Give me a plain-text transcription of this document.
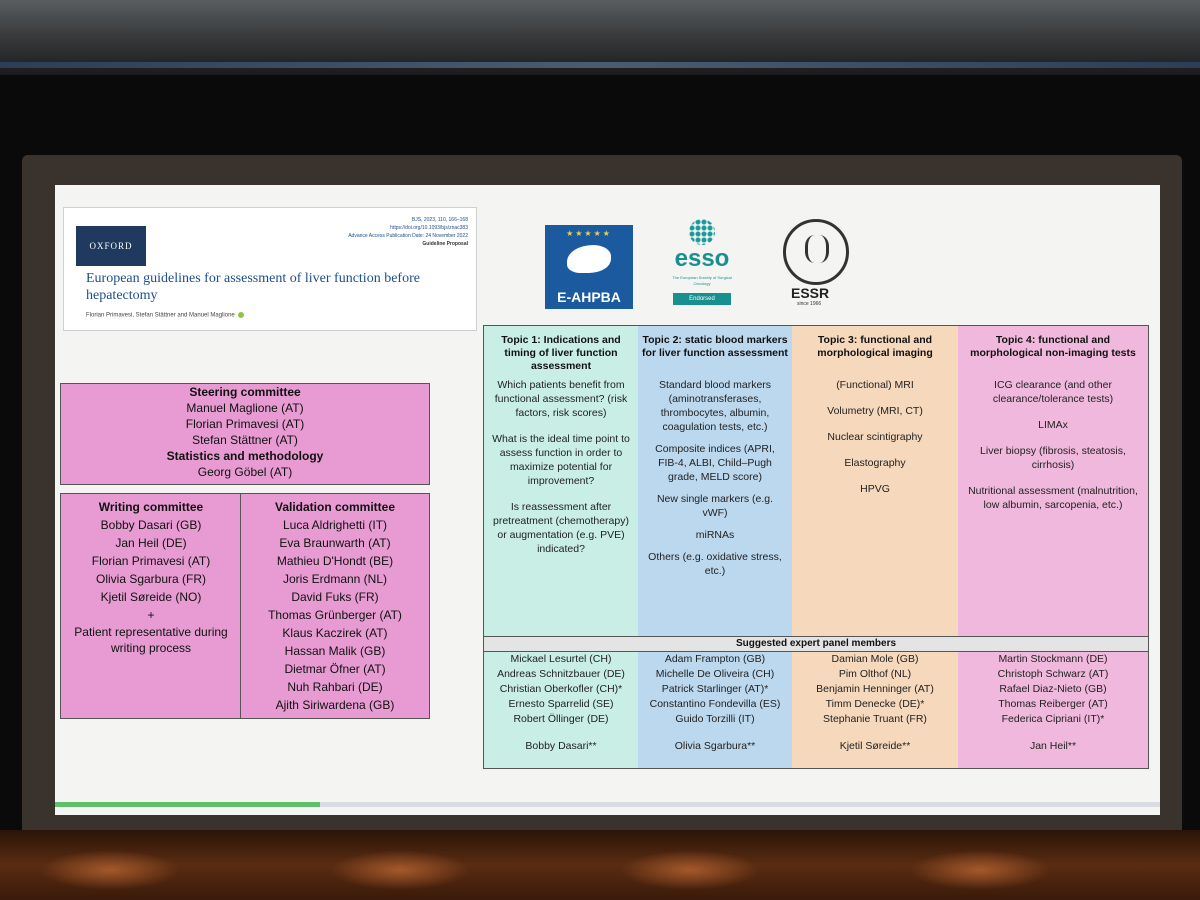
OXFORD
BJS, 2023, 110, 166–168
https://doi.org/10.1093/bjs/znac383
Advance Access Publication Date: 24 November 2022
Guideline Proposal
European guidelines for assessment of liver function before hepatectomy
Florian Primavesi, Stefan Stättner and Manuel Maglione
★★★★★
E-AHPBA
esso
The European Society of Surgical Oncology
Endorsed	ESSR
since 1966
Steering committee
Manuel Maglione (AT)
Florian Primavesi (AT)
Stefan Stättner (AT)
Statistics and methodology
Georg Göbel (AT)
Writing committee
Bobby Dasari (GB)
Jan Heil (DE)
Florian Primavesi (AT)
Olivia Sgarbura (FR)
Kjetil Søreide (NO)
+
Patient representative during writing process
Validation committee
Luca Aldrighetti (IT)
Eva Braunwarth (AT)
Mathieu D'Hondt (BE)
Joris Erdmann (NL)
David Fuks (FR)
Thomas Grünberger (AT)
Klaus Kaczirek (AT)
Hassan Malik (GB)
Dietmar Öfner (AT)
Nuh Rahbari (DE)
Ajith Siriwardena (GB)
Topic 1: Indications and timing of liver function assessment

Which patients benefit from functional assessment? (risk factors, risk scores)

What is the ideal time point to assess function in order to maximize potential for improvement?

Is reassessment after pretreatment (chemotherapy) or augmentation (e.g. PVE) indicated?

Topic 2: static blood markers for liver function assessment

Standard blood markers (aminotransferases, thrombocytes, albumin, coagulation tests, etc.)

Composite indices (APRI, FIB-4, ALBI, Child–Pugh grade, MELD score)

New single markers (e.g. vWF)

miRNAs

Others (e.g. oxidative stress, etc.)

Topic 3: functional and morphological imaging

(Functional) MRI

Volumetry (MRI, CT)

Nuclear scintigraphy

Elastography

HPVG

Topic 4: functional and morphological non-imaging tests

ICG clearance (and other clearance/tolerance tests)

LIMAx

Liver biopsy (fibrosis, steatosis, cirrhosis)

Nutritional assessment (malnutrition, low albumin, sarcopenia, etc.)

Suggested expert panel members
Mickael Lesurtel (CH)
Andreas Schnitzbauer (DE)
Christian Oberkofler (CH)*
Ernesto Sparrelid (SE)
Robert Öllinger (DE)
Bobby Dasari**
Adam Frampton (GB)
Michelle De Oliveira (CH)
Patrick Starlinger (AT)*
Constantino Fondevilla (ES)
Guido Torzilli (IT)
Olivia Sgarbura**
Damian Mole (GB)
Pim Olthof (NL)
Benjamin Henninger (AT)
Timm Denecke (DE)*
Stephanie Truant (FR)
Kjetil Søreide**
Martin Stockmann (DE)
Christoph Schwarz (AT)
Rafael Diaz-Nieto (GB)
Thomas Reiberger (AT)
Federica Cipriani (IT)*
Jan Heil**
